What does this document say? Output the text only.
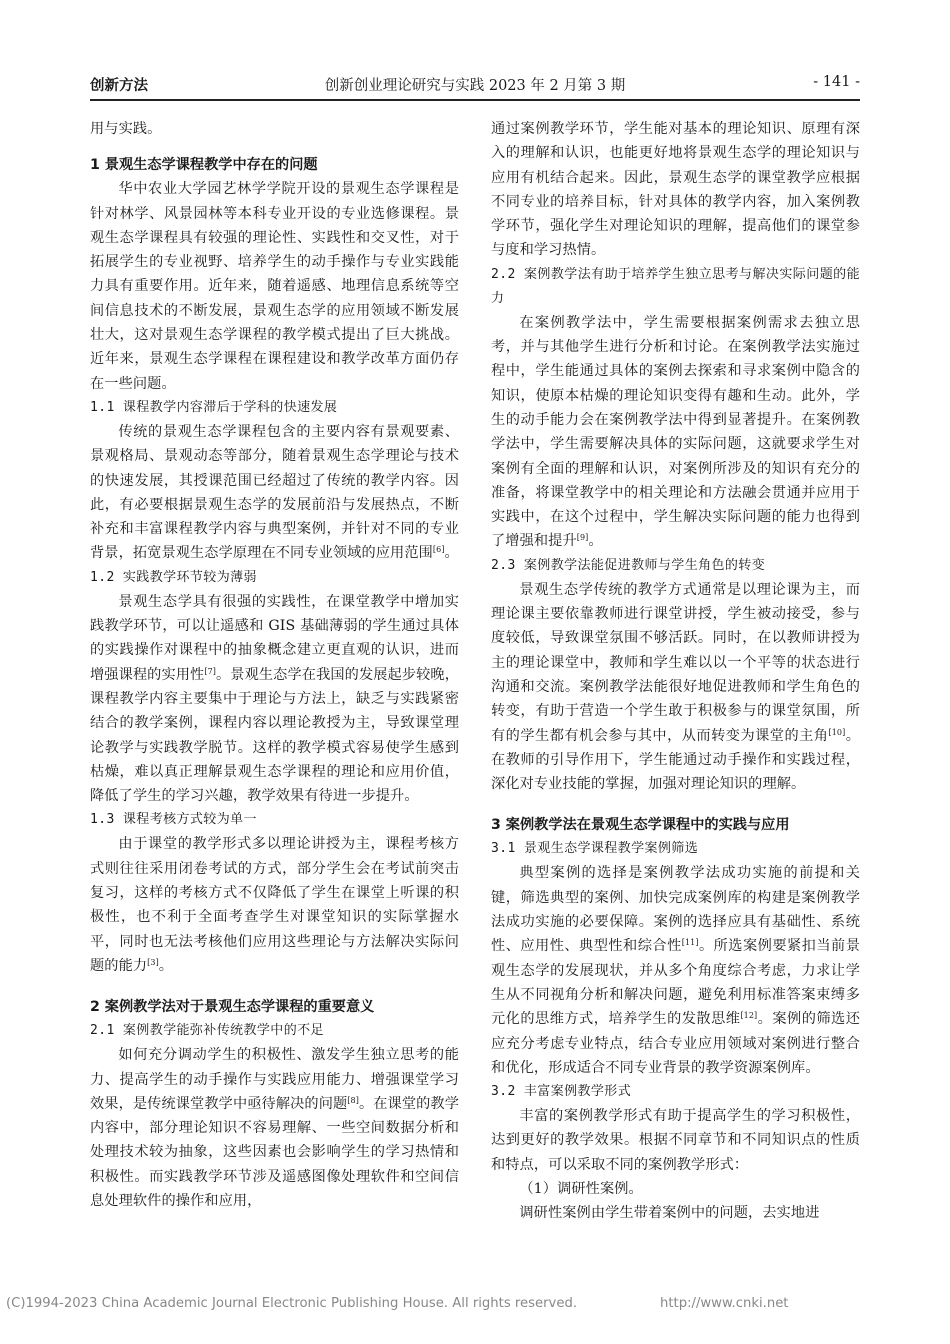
创新方法	创新创业理论研究与实践 2023 年 2 月第 3 期	- 141 -

用与实践。

1 景观生态学课程教学中存在的问题

华中农业大学园艺林学学院开设的景观生态学课程是针对林学、风景园林等本科专业开设的专业选修课程。景观生态学课程具有较强的理论性、实践性和交叉性，对于拓展学生的专业视野、培养学生的动手操作与专业实践能力具有重要作用。近年来，随着遥感、地理信息系统等空间信息技术的不断发展，景观生态学的应用领域不断发展壮大，这对景观生态学课程的教学模式提出了巨大挑战。近年来，景观生态学课程在课程建设和教学改革方面仍存在一些问题。

1.1 课程教学内容滞后于学科的快速发展

传统的景观生态学课程包含的主要内容有景观要素、景观格局、景观动态等部分，随着景观生态学理论与技术的快速发展，其授课范围已经超过了传统的教学内容。因此，有必要根据景观生态学的发展前沿与发展热点，不断补充和丰富课程教学内容与典型案例，并针对不同的专业背景，拓宽景观生态学原理在不同专业领域的应用范围[6]。

1.2 实践教学环节较为薄弱

景观生态学具有很强的实践性，在课堂教学中增加实践教学环节，可以让遥感和 GIS 基础薄弱的学生通过具体的实践操作对课程中的抽象概念建立更直观的认识，进而增强课程的实用性[7]。景观生态学在我国的发展起步较晚，课程教学内容主要集中于理论与方法上，缺乏与实践紧密结合的教学案例，课程内容以理论教授为主，导致课堂理论教学与实践教学脱节。这样的教学模式容易使学生感到枯燥，难以真正理解景观生态学课程的理论和应用价值，降低了学生的学习兴趣，教学效果有待进一步提升。

1.3 课程考核方式较为单一

由于课堂的教学形式多以理论讲授为主，课程考核方式则往往采用闭卷考试的方式，部分学生会在考试前突击复习，这样的考核方式不仅降低了学生在课堂上听课的积极性，也不利于全面考查学生对课堂知识的实际掌握水平，同时也无法考核他们应用这些理论与方法解决实际问题的能力[3]。

2 案例教学法对于景观生态学课程的重要意义

2.1 案例教学能弥补传统教学中的不足

如何充分调动学生的积极性、激发学生独立思考的能力、提高学生的动手操作与实践应用能力、增强课堂学习效果，是传统课堂教学中亟待解决的问题[8]。在课堂的教学内容中，部分理论知识不容易理解、一些空间数据分析和处理技术较为抽象，这些因素也会影响学生的学习热情和积极性。而实践教学环节涉及遥感图像处理软件和空间信息处理软件的操作和应用，

通过案例教学环节，学生能对基本的理论知识、原理有深入的理解和认识，也能更好地将景观生态学的理论知识与应用有机结合起来。因此，景观生态学的课堂教学应根据不同专业的培养目标，针对具体的教学内容，加入案例教学环节，强化学生对理论知识的理解，提高他们的课堂参与度和学习热情。

2.2 案例教学法有助于培养学生独立思考与解决实际问题的能力

在案例教学法中，学生需要根据案例需求去独立思考，并与其他学生进行分析和讨论。在案例教学法实施过程中，学生能通过具体的案例去探索和寻求案例中隐含的知识，使原本枯燥的理论知识变得有趣和生动。此外，学生的动手能力会在案例教学法中得到显著提升。在案例教学法中，学生需要解决具体的实际问题，这就要求学生对案例有全面的理解和认识，对案例所涉及的知识有充分的准备，将课堂教学中的相关理论和方法融会贯通并应用于实践中，在这个过程中，学生解决实际问题的能力也得到了增强和提升[9]。

2.3 案例教学法能促进教师与学生角色的转变

景观生态学传统的教学方式通常是以理论课为主，而理论课主要依靠教师进行课堂讲授，学生被动接受，参与度较低，导致课堂氛围不够活跃。同时，在以教师讲授为主的理论课堂中，教师和学生难以以一个平等的状态进行沟通和交流。案例教学法能很好地促进教师和学生角色的转变，有助于营造一个学生敢于积极参与的课堂氛围，所有的学生都有机会参与其中，从而转变为课堂的主角[10]。在教师的引导作用下，学生能通过动手操作和实践过程，深化对专业技能的掌握，加强对理论知识的理解。

3 案例教学法在景观生态学课程中的实践与应用

3.1 景观生态学课程教学案例筛选

典型案例的选择是案例教学法成功实施的前提和关键，筛选典型的案例、加快完成案例库的构建是案例教学法成功实施的必要保障。案例的选择应具有基础性、系统性、应用性、典型性和综合性[11]。所选案例要紧扣当前景观生态学的发展现状，并从多个角度综合考虑，力求让学生从不同视角分析和解决问题，避免利用标准答案束缚多元化的思维方式，培养学生的发散思维[12]。案例的筛选还应充分考虑专业特点，结合专业应用领域对案例进行整合和优化，形成适合不同专业背景的教学资源案例库。

3.2 丰富案例教学形式

丰富的案例教学形式有助于提高学生的学习积极性，达到更好的教学效果。根据不同章节和不同知识点的性质和特点，可以采取不同的案例教学形式：

（1）调研性案例。

调研性案例由学生带着案例中的问题，去实地进

(C)1994-2023 China Academic Journal Electronic Publishing House. All rights reserved.	http://www.cnki.net
